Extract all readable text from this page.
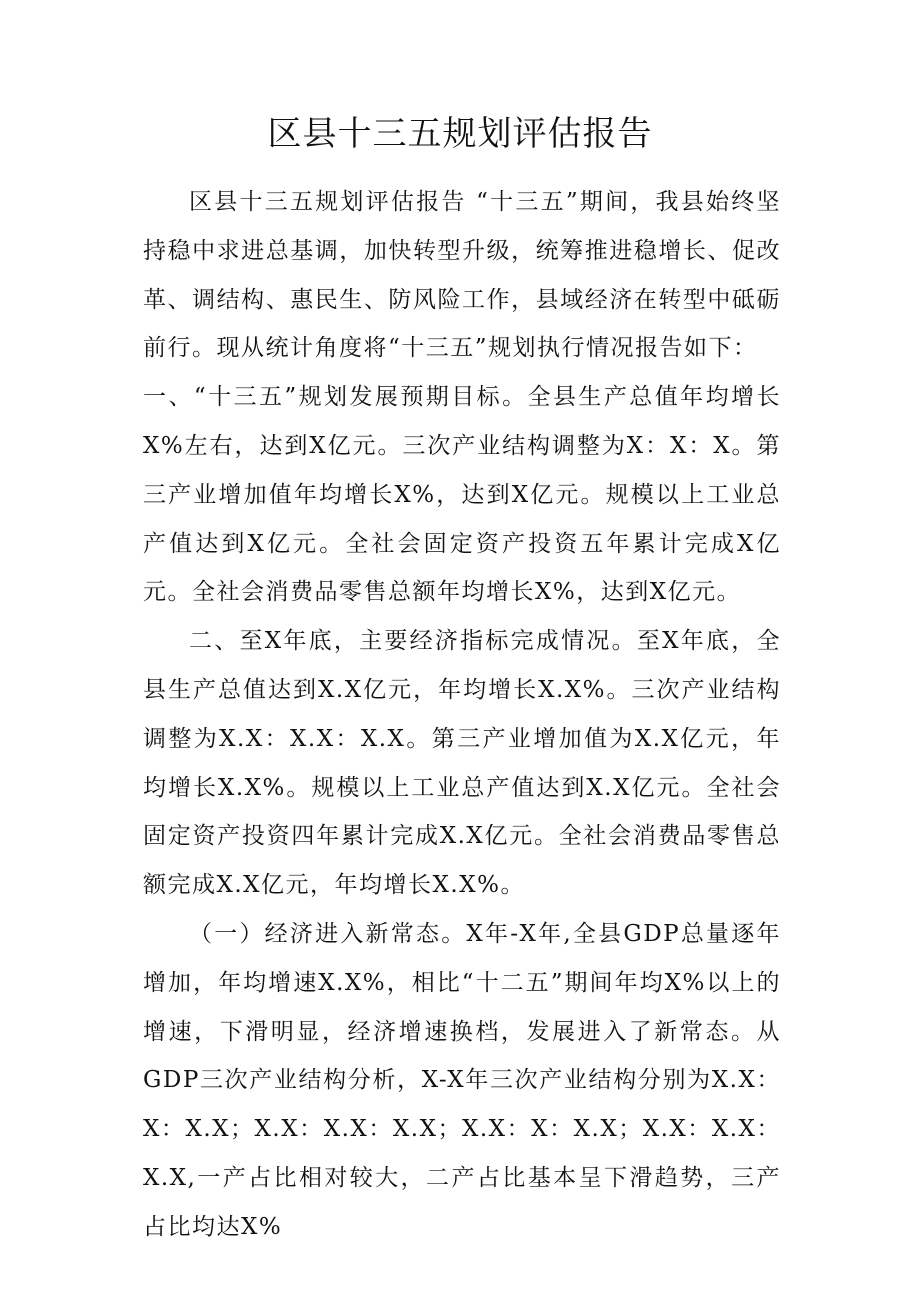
区县十三五规划评估报告

区县十三五规划评估报告 “十三五”期间，我县始终坚持稳中求进总基调，加快转型升级，统筹推进稳增长、促改革、调结构、惠民生、防风险工作，县域经济在转型中砥砺前行。现从统计角度将“十三五”规划执行情况报告如下：

一、“十三五”规划发展预期目标。全县生产总值年均增长X%左右，达到X亿元。三次产业结构调整为X：X：X。第三产业增加值年均增长X%，达到X亿元。规模以上工业总产值达到X亿元。全社会固定资产投资五年累计完成X亿元。全社会消费品零售总额年均增长X%，达到X亿元。

二、至X年底，主要经济指标完成情况。至X年底，全县生产总值达到X.X亿元，年均增长X.X%。三次产业结构调整为X.X：X.X：X.X。第三产业增加值为X.X亿元，年均增长X.X%。规模以上工业总产值达到X.X亿元。全社会固定资产投资四年累计完成X.X亿元。全社会消费品零售总额完成X.X亿元，年均增长X.X%。

（一）经济进入新常态。X年-X年,全县GDP总量逐年增加，年均增速X.X%，相比“十二五”期间年均X%以上的增速，下滑明显，经济增速换档，发展进入了新常态。从GDP三次产业结构分析，X-X年三次产业结构分别为X.X：X：X.X；X.X：X.X：X.X；X.X：X：X.X；X.X：X.X：X.X,一产占比相对较大，二产占比基本呈下滑趋势，三产占比均达X%
